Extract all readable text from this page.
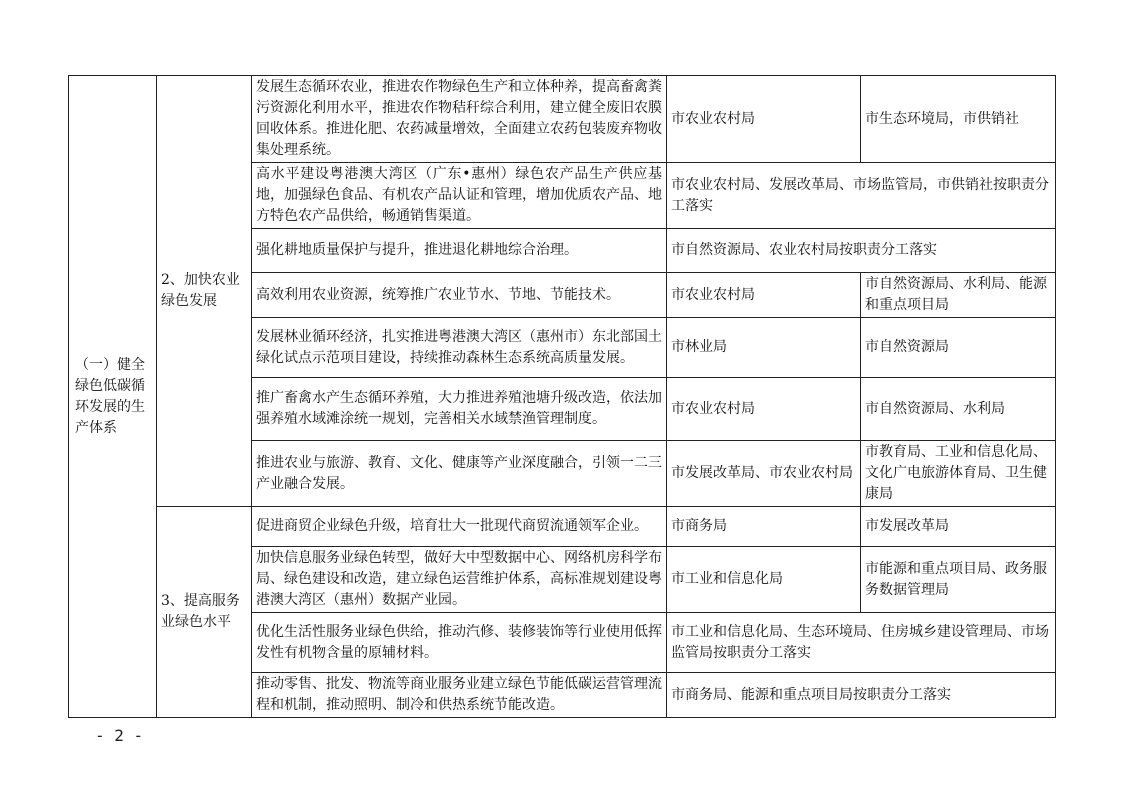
（一）健全绿色低碳循环发展的生产体系	2、加快农业绿色发展	发展生态循环农业，推进农作物绿色生产和立体种养，提高畜禽粪污资源化利用水平，推进农作物秸秆综合利用，建立健全废旧农膜回收体系。推进化肥、农药减量增效，全面建立农药包装废弃物收集处理系统。	市农业农村局	市生态环境局，市供销社
		高水平建设粤港澳大湾区（广东•惠州）绿色农产品生产供应基地，加强绿色食品、有机农产品认证和管理，增加优质农产品、地方特色农产品供给，畅通销售渠道。	市农业农村局、发展改革局、市场监管局，市供销社按职责分工落实	
		强化耕地质量保护与提升，推进退化耕地综合治理。	市自然资源局、农业农村局按职责分工落实	
		高效利用农业资源，统筹推广农业节水、节地、节能技术。	市农业农村局	市自然资源局、水利局、能源和重点项目局
		发展林业循环经济，扎实推进粤港澳大湾区（惠州市）东北部国土绿化试点示范项目建设，持续推动森林生态系统高质量发展。	市林业局	市自然资源局
		推广畜禽水产生态循环养殖，大力推进养殖池塘升级改造，依法加强养殖水域滩涂统一规划，完善相关水域禁渔管理制度。	市农业农村局	市自然资源局、水利局
		推进农业与旅游、教育、文化、健康等产业深度融合，引领一二三产业融合发展。	市发展改革局、市农业农村局	市教育局、工业和信息化局、文化广电旅游体育局、卫生健康局
	3、提高服务业绿色水平	促进商贸企业绿色升级，培育壮大一批现代商贸流通领军企业。	市商务局	市发展改革局
		加快信息服务业绿色转型，做好大中型数据中心、网络机房科学布局、绿色建设和改造，建立绿色运营维护体系，高标准规划建设粤港澳大湾区（惠州）数据产业园。	市工业和信息化局	市能源和重点项目局、政务服务数据管理局
		优化生活性服务业绿色供给，推动汽修、装修装饰等行业使用低挥发性有机物含量的原辅材料。	市工业和信息化局、生态环境局、住房城乡建设管理局、市场监管局按职责分工落实	
		推动零售、批发、物流等商业服务业建立绿色节能低碳运营管理流程和机制，推动照明、制冷和供热系统节能改造。	市商务局、能源和重点项目局按职责分工落实	
- 2 -
